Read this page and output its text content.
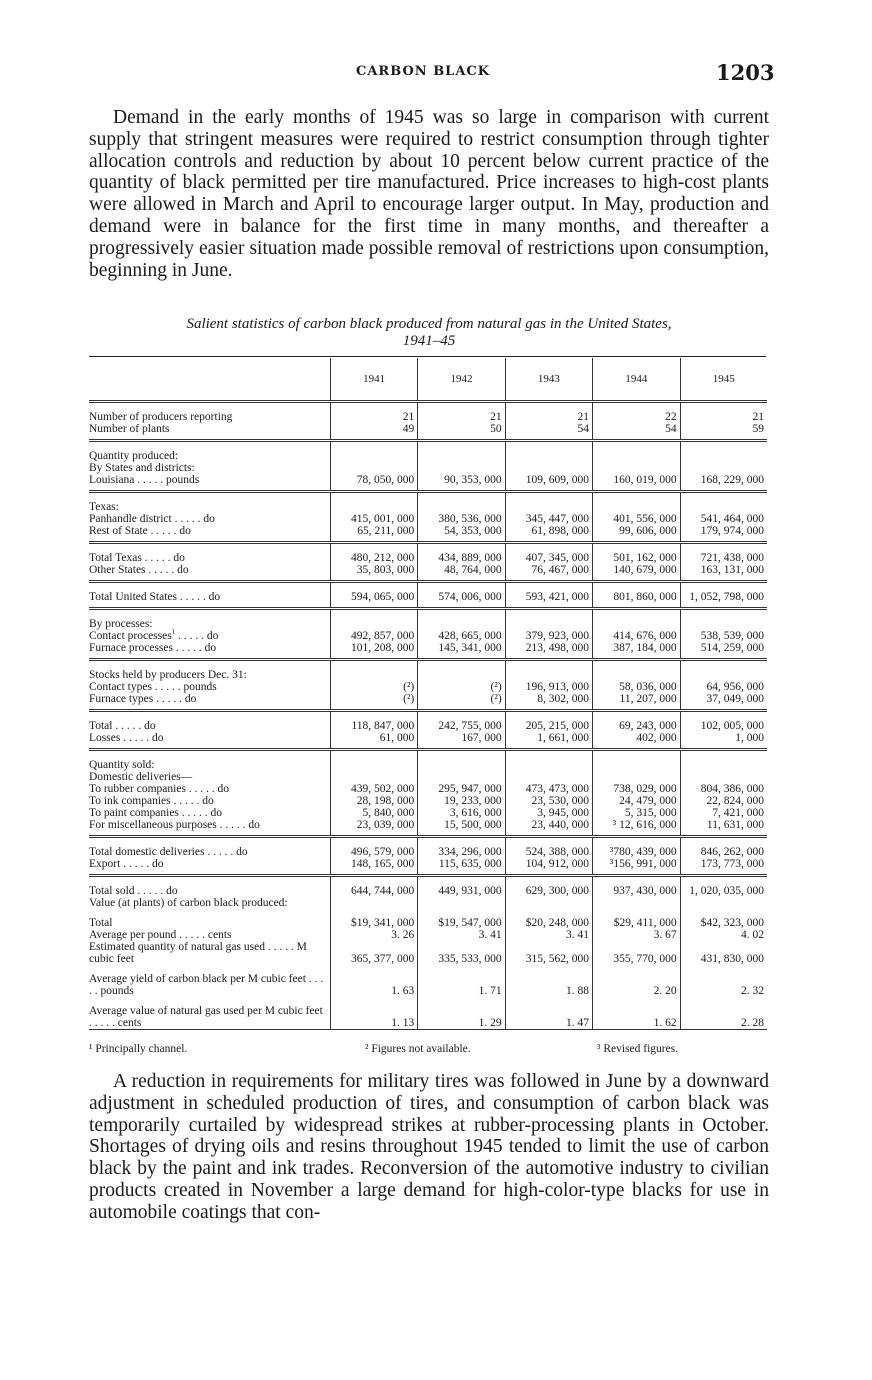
CARBON BLACK	1203
Demand in the early months of 1945 was so large in comparison with current supply that stringent measures were required to restrict consumption through tighter allocation controls and reduction by about 10 percent below current practice of the quantity of black permitted per tire manufactured. Price increases to high-cost plants were allowed in March and April to encourage larger output. In May, production and demand were in balance for the first time in many months, and thereafter a progressively easier situation made possible removal of restrictions upon consumption, beginning in June.
Salient statistics of carbon black produced from natural gas in the United States,
1941–45
	1941	1942	1943	1944	1945

Number of producers reporting	21	21	21	22	21
Number of plants	49	50	54	54	59

Quantity produced:					
By States and districts:					
Louisiana . . . . . pounds	78, 050, 000	90, 353, 000	109, 609, 000	160, 019, 000	168, 229, 000

Texas:					
Panhandle district . . . . . do	415, 001, 000	380, 536, 000	345, 447, 000	401, 556, 000	541, 464, 000
Rest of State . . . . . do	65, 211, 000	54, 353, 000	61, 898, 000	99, 606, 000	179, 974, 000

Total Texas . . . . . do	480, 212, 000	434, 889, 000	407, 345, 000	501, 162, 000	721, 438, 000
Other States . . . . . do	35, 803, 000	48, 764, 000	76, 467, 000	140, 679, 000	163, 131, 000

Total United States . . . . . do	594, 065, 000	574, 006, 000	593, 421, 000	801, 860, 000	1, 052, 798, 000

By processes:					
Contact processes$^1$ . . . . . do	492, 857, 000	428, 665, 000	379, 923, 000	414, 676, 000	538, 539, 000
Furnace processes . . . . . do	101, 208, 000	145, 341, 000	213, 498, 000	387, 184, 000	514, 259, 000

Stocks held by producers Dec. 31:					
Contact types . . . . . pounds	(²)	(²)	196, 913, 000	58, 036, 000	64, 956, 000
Furnace types . . . . . do	(²)	(²)	8, 302, 000	11, 207, 000	37, 049, 000

Total . . . . . do	118, 847, 000	242, 755, 000	205, 215, 000	69, 243, 000	102, 005, 000
Losses . . . . . do	61, 000	167, 000	1, 661, 000	402, 000	1, 000

Quantity sold:					
Domestic deliveries—					
To rubber companies . . . . . do	439, 502, 000	295, 947, 000	473, 473, 000	738, 029, 000	804, 386, 000
To ink companies . . . . . do	28, 198, 000	19, 233, 000	23, 530, 000	24, 479, 000	22, 824, 000
To paint companies . . . . . do	5, 840, 000	3, 616, 000	3, 945, 000	5, 315, 000	7, 421, 000
For miscellaneous purposes . . . . . do	23, 039, 000	15, 500, 000	23, 440, 000	³ 12, 616, 000	11, 631, 000

Total domestic deliveries . . . . . do	496, 579, 000	334, 296, 000	524, 388, 000	³780, 439, 000	846, 262, 000
Export . . . . . do	148, 165, 000	115, 635, 000	104, 912, 000	³156, 991, 000	173, 773, 000

Total sold . . . . . do	644, 744, 000	449, 931, 000	629, 300, 000	937, 430, 000	1, 020, 035, 000
Value (at plants) of carbon black produced:					

Total	$19, 341, 000	$19, 547, 000	$20, 248, 000	$29, 411, 000	$42, 323, 000
Average per pound . . . . . cents	3. 26	3. 41	3. 41	3. 67	4. 02
Estimated quantity of natural gas used . . . . . M cubic feet	365, 377, 000	335, 533, 000	315, 562, 000	355, 770, 000	431, 830, 000

Average yield of carbon black per M cubic feet . . . . . pounds	1. 63	1. 71	1. 88	2. 20	2. 32

Average value of natural gas used per M cubic feet . . . . . cents	1. 13	1. 29	1. 47	1. 62	2. 28
¹ Principally channel.	² Figures not available.	³ Revised figures.
A reduction in requirements for military tires was followed in June by a downward adjustment in scheduled production of tires, and consumption of carbon black was temporarily curtailed by widespread strikes at rubber-processing plants in October. Shortages of drying oils and resins throughout 1945 tended to limit the use of carbon black by the paint and ink trades. Reconversion of the automotive industry to civilian products created in November a large demand for high-color-type blacks for use in automobile coatings that con-
